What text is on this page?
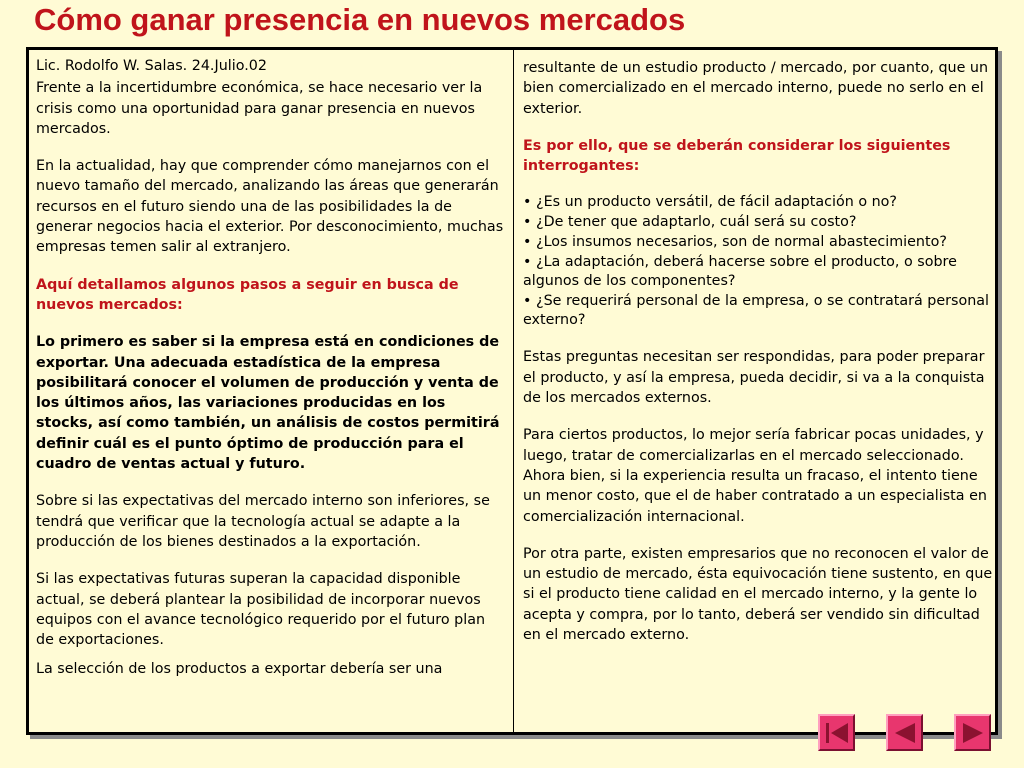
Cómo ganar presencia en nuevos mercados

Lic. Rodolfo W. Salas. 24.Julio.02

Frente a la incertidumbre económica, se hace necesario ver la crisis como una oportunidad para ganar presencia en nuevos mercados.

En la actualidad, hay que comprender cómo manejarnos con el nuevo tamaño del mercado, analizando las áreas que generarán recursos en el futuro siendo una de las posibilidades la de generar negocios hacia el exterior. Por desconocimiento, muchas empresas temen salir al extranjero.

Aquí detallamos algunos pasos a seguir en busca de nuevos mercados:

Lo primero es saber si la empresa está en condiciones de exportar. Una adecuada estadística de la empresa posibilitará conocer el volumen de producción y venta de los últimos años, las variaciones producidas en los stocks, así como también, un análisis de costos permitirá definir cuál es el punto óptimo de producción para el cuadro de ventas actual y futuro.

Sobre si las expectativas del mercado interno son inferiores, se tendrá que verificar que la tecnología actual se adapte a la producción de los bienes destinados a la exportación.

Si las expectativas futuras superan la capacidad disponible actual, se deberá plantear la posibilidad de incorporar nuevos equipos con el avance tecnológico requerido por el futuro plan de exportaciones.

La selección de los productos a exportar debería ser una

resultante de un estudio producto / mercado, por cuanto, que un bien comercializado en el mercado interno, puede no serlo en el exterior.

Es por ello, que se deberán considerar los siguientes interrogantes:

• ¿Es un producto versátil, de fácil adaptación o no?

• ¿De tener que adaptarlo, cuál será su costo?

• ¿Los insumos necesarios, son de normal abastecimiento?

• ¿La adaptación, deberá hacerse sobre el producto, o sobre algunos de los componentes?

• ¿Se requerirá personal de la empresa, o se contratará personal externo?

Estas preguntas necesitan ser respondidas, para poder preparar el producto, y así la empresa, pueda decidir, si va a la conquista de los mercados externos.

Para ciertos productos, lo mejor sería fabricar pocas unidades, y luego, tratar de comercializarlas en el mercado seleccionado. Ahora bien, si la experiencia resulta un fracaso, el intento tiene un menor costo, que el de haber contratado a un especialista en comercialización internacional.

Por otra parte, existen empresarios que no reconocen el valor de un estudio de mercado, ésta equivocación tiene sustento, en que si el producto tiene calidad en el mercado interno, y la gente lo acepta y compra, por lo tanto, deberá ser vendido sin dificultad en el mercado externo.
